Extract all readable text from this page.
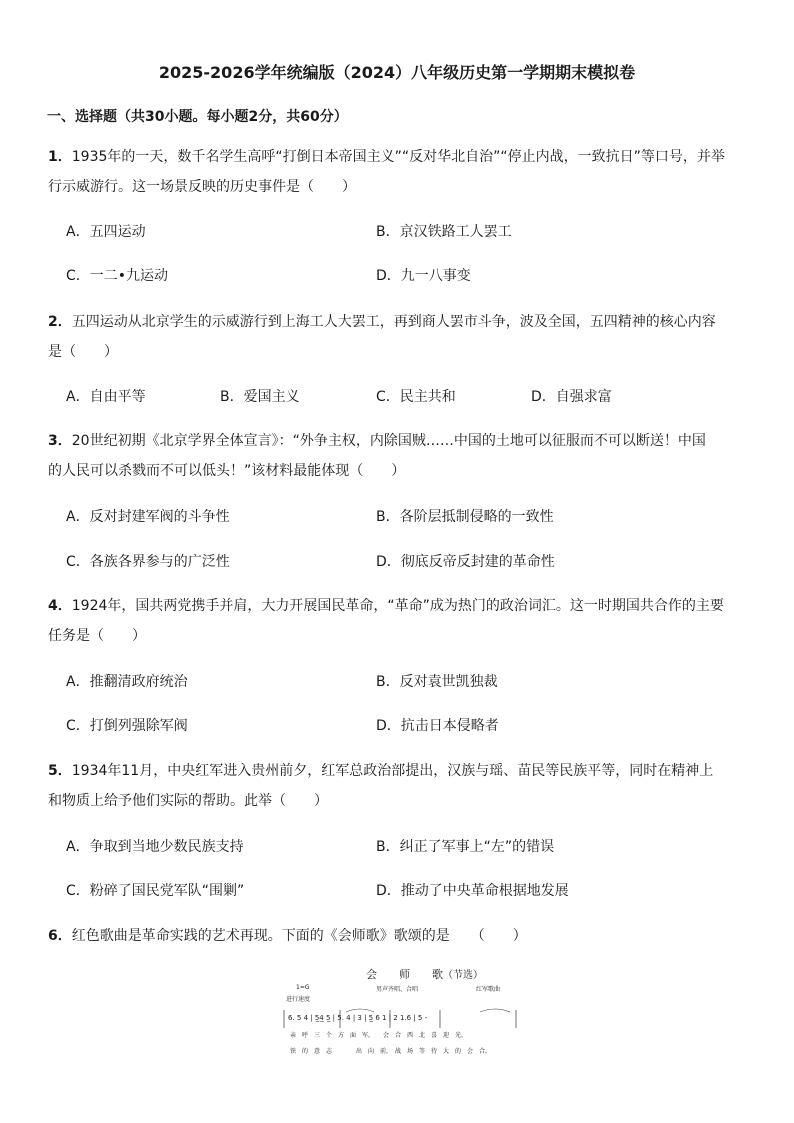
2025-2026学年统编版（2024）八年级历史第一学期期末模拟卷
一、选择题（共30小题。每小题2分，共60分）
1．1935年的一天，数千名学生高呼“打倒日本帝国主义”“反对华北自治”“停止内战，一致抗日”等口号，并举
行示威游行。这一场景反映的历史事件是（　　）
A．五四运动	B．京汉铁路工人罢工
C．一二•九运动	D．九一八事变
2．五四运动从北京学生的示威游行到上海工人大罢工，再到商人罢市斗争，波及全国，五四精神的核心内容
是（　　）
A．自由平等	B．爱国主义	C．民主共和	D．自强求富
3．20世纪初期《北京学界全体宣言》：“外争主权，内除国贼……中国的土地可以征服而不可以断送！中国
的人民可以杀戮而不可以低头！”该材料最能体现（　　）
A．反对封建军阀的斗争性	B．各阶层抵制侵略的一致性
C．各族各界参与的广泛性	D．彻底反帝反封建的革命性
4．1924年，国共两党携手并肩，大力开展国民革命，“革命”成为热门的政治词汇。这一时期国共合作的主要
任务是（　　）
A．推翻清政府统治	B．反对袁世凯独裁
C．打倒列强除军阀	D．抗击日本侵略者
5．1934年11月，中央红军进入贵州前夕，红军总政治部提出，汉族与瑶、苗民等民族平等，同时在精神上
和物质上给予他们实际的帮助。此举（　　）
A．争取到当地少数民族支持	B．纠正了军事上“左”的错误
C．粉碎了国民党军队“围剿”	D．推动了中央革命根据地发展
6．红色歌曲是革命实践的艺术再现。下面的《会师歌》歌颂的是　　（　　）
会　　师　　歌（节选）
1=G
进行速度
男声齐唱、合唱	红军歌曲
6. 5 4 | 5̲4̲ 5̲ | 5. 4 | 3 | 5̲ 6 1 | 2 1.6 | 5 -
亲　呼　三　个　方　面　军，　　会　合　西　北　喜　迎　光，
铁　的　意　志　　　　出　向　前，　战　场　等　待　大　的　会　合。
